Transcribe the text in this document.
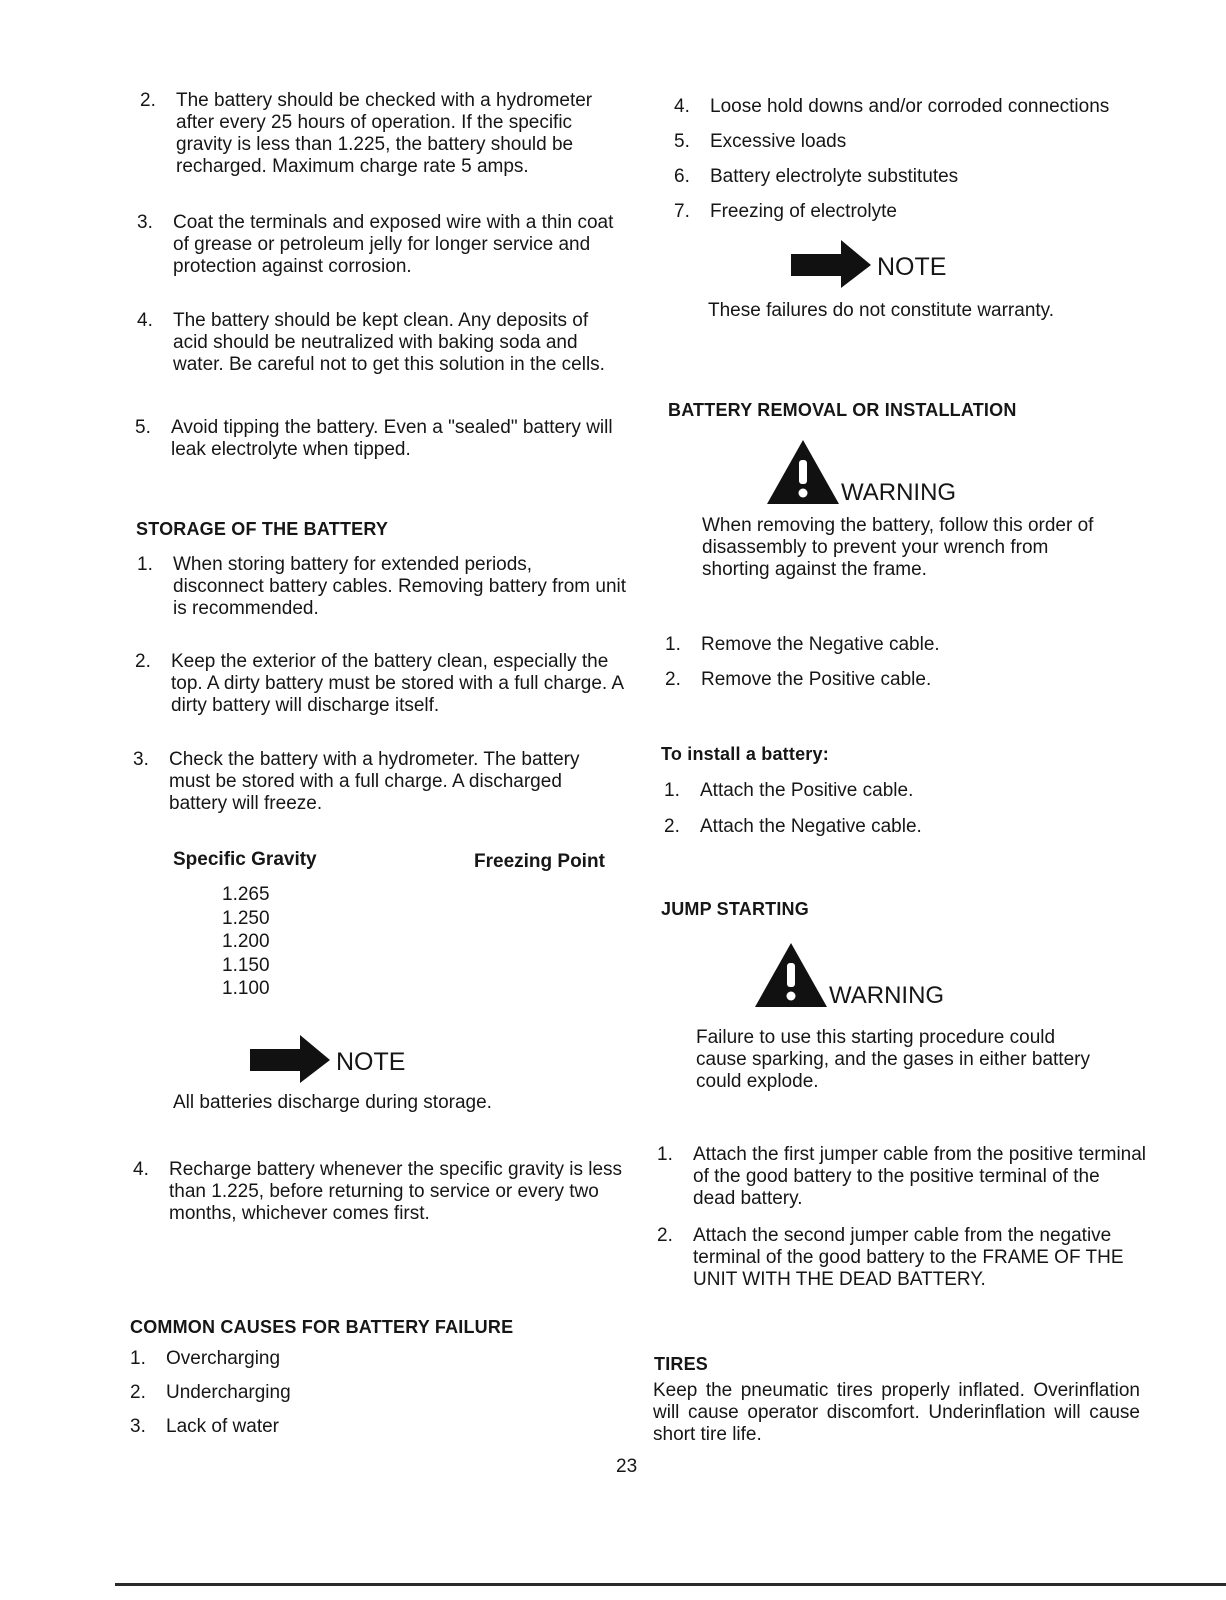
2.	The battery should be checked with a hydrometer after every 25 hours of operation. If the specific gravity is less than 1.225, the battery should be recharged. Maximum charge rate 5 amps.
3.	Coat the terminals and exposed wire with a thin coat of grease or petroleum jelly for longer service and protection against corrosion.
4.	The battery should be kept clean. Any deposits of acid should be neutralized with baking soda and water. Be careful not to get this solution in the cells.
5.	Avoid tipping the battery. Even a "sealed" battery will leak electrolyte when tipped.
STORAGE OF THE BATTERY
1.	When storing battery for extended periods, disconnect battery cables. Removing battery from unit is recommended.
2.	Keep the exterior of the battery clean, especially the top. A dirty battery must be stored with a full charge. A dirty battery will discharge itself.
3.	Check the battery with a hydrometer. The battery must be stored with a full charge. A discharged battery will freeze.
Specific Gravity	Freezing Point
1.265
1.250
1.200
1.150
1.100
NOTE
All batteries discharge during storage.
4.	Recharge battery whenever the specific gravity is less than 1.225, before returning to service or every two months, whichever comes first.
COMMON CAUSES FOR BATTERY FAILURE
1.	Overcharging
2.	Undercharging
3.	Lack of water
4.	Loose hold downs and/or corroded connections
5.	Excessive loads
6.	Battery electrolyte substitutes
7.	Freezing of electrolyte
NOTE
These failures do not constitute warranty.
BATTERY REMOVAL OR INSTALLATION
WARNING
When removing the battery, follow this order of disassembly to prevent your wrench from shorting against the frame.
1.	Remove the Negative cable.
2.	Remove the Positive cable.
To install a battery:
1.	Attach the Positive cable.
2.	Attach the Negative cable.
JUMP STARTING
WARNING
Failure to use this starting procedure could cause sparking, and the gases in either battery could explode.
1.	Attach the first jumper cable from the positive terminal of the good battery to the positive terminal of the dead battery.
2.	Attach the second jumper cable from the negative terminal of the good battery to the FRAME OF THE UNIT WITH THE DEAD BATTERY.
TIRES
Keep the pneumatic tires properly inflated. Overinflation will cause operator discomfort. Underinflation will cause short tire life.
23
